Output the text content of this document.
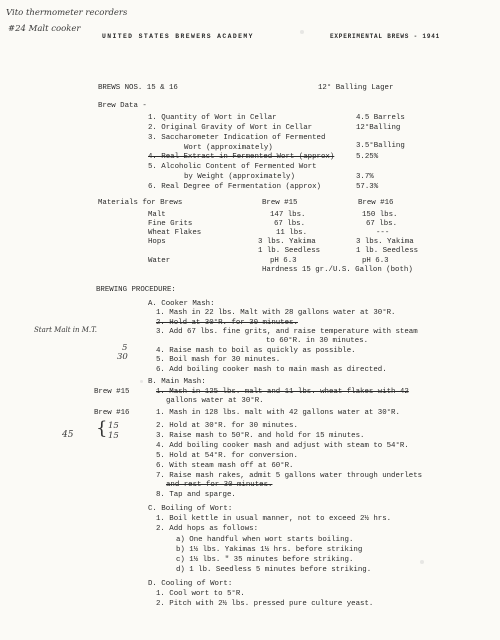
Vito thermometer recorders
#24 Malt cooker
UNITED STATES BREWERS ACADEMY	EXPERIMENTAL BREWS - 1941
BREWS NOS. 15 & 16	12° Balling Lager
Brew Data -
1. Quantity of Wort in Cellar	4.5 Barrels
2. Original Gravity of Wort in Cellar	12°Balling
3. Saccharometer Indication of Fermented
Wort (approximately)	3.5°Balling
4. Real Extract in Fermented Wort (approx)	5.25%
5. Alcoholic Content of Fermented Wort
by Weight (approximately)	3.7%
6. Real Degree of Fermentation (approx)	57.3%
Materials for Brews	Brew #15	Brew #16
Malt	147 lbs.	150 lbs.
Fine Grits	67 lbs.	67 lbs.
Wheat Flakes	11 lbs.	---
Hops	3 lbs. Yakima	3 lbs. Yakima
1 lb. Seedless	1 lb. Seedless
Water	pH 6.3	pH 6.3
Hardness 15 gr./U.S. Gallon (both)
BREWING PROCEDURE:
A. Cooker Mash:
1. Mash in 22 lbs. Malt with 28 gallons water at 30°R.
2. Hold at 30°R. for 30 minutes.
3. Add 67 lbs. fine grits, and raise temperature with steam
to 60°R. in 30 minutes.
4. Raise mash to boil as quickly as possible.
5. Boil mash for 30 minutes.
6. Add boiling cooker mash to main mash as directed.
Start Malt in M.T.
5
30
B. Main Mash:
Brew #15	1. Mash in 125 lbs. malt and 11 lbs. wheat flakes with 42
gallons water at 30°R.
Brew #16	1. Mash in 128 lbs. malt with 42 gallons water at 30°R.
2. Hold at 30°R. for 30 minutes.
3. Raise mash to 50°R. and hold for 15 minutes.
4. Add boiling cooker mash and adjust with steam to 54°R.
5. Hold at 54°R. for conversion.
6. With steam mash off at 60°R.
7. Raise mash rakes, admit 5 gallons water through underlets
and rest for 30 minutes.
8. Tap and sparge.
45 { 15
15
C. Boiling of Wort:
1. Boil kettle in usual manner, not to exceed 2½ hrs.
2. Add hops as follows:
a) One handful when wort starts boiling.
b) 1½ lbs. Yakimas 1½ hrs. before striking
c) 1½ lbs. " 35 minutes before striking.
d) 1 lb. Seedless 5 minutes before striking.
D. Cooling of Wort:
1. Cool wort to 5°R.
2. Pitch with 2½ lbs. pressed pure culture yeast.
